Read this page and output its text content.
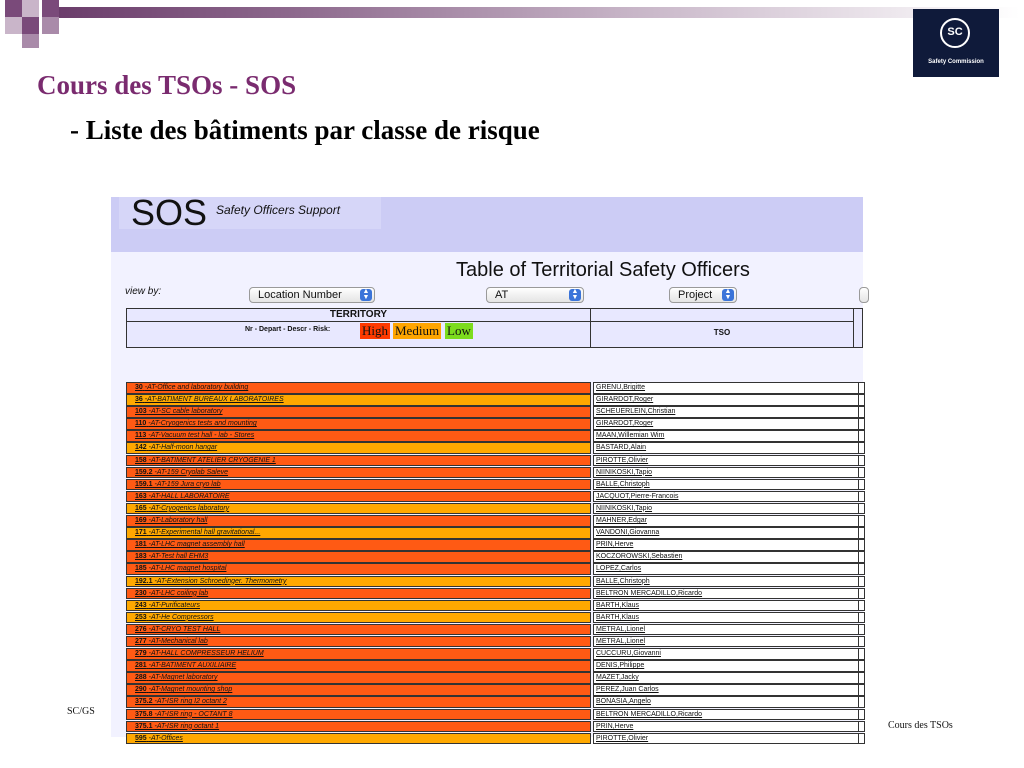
SC
Safety Commission
Cours des TSOs - SOS
- Liste des bâtiments par classe de risque
SOS Safety Officers Support
Table of Territorial Safety Officers
view by:	Location Number	▲
▼	AT	▲
▼	Project	▲
▼
TERRITORY
Nr - Depart - Descr - Risk: High Medium Low	TSO
30 -AT-Office and laboratory building	GRENU,Brigitte
36 -AT-BATIMENT BUREAUX LABORATOIRES	GIRARDOT,Roger
103 -AT-SC cable laboratory	SCHEUERLEIN,Christian
110 -AT-Cryogenics tests and mounting	GIRARDOT,Roger
113 -AT-Vacuum test hall - lab - Stores	MAAN,Willemian Wim
142 -AT-Half-moon hangar	BASTARD,Alain
158 -AT-BATIMENT ATELIER CRYOGENIE 1	PIROTTE,Olivier
159.2 -AT-159 Cryolab Saleve	NIINIKOSKI,Tapio
159.1 -AT-159 Jura cryo lab	BALLE,Christoph
163 -AT-HALL LABORATOIRE	JACQUOT,Pierre-Francois
165 -AT-Cryogenics laboratory	NIINIKOSKI,Tapio
169 -AT-Laboratory hall	MAHNER,Edgar
171 -AT-Experimental hall gravitational...	VANDONI,Giovanna
181 -AT-LHC magnet assembly hall	PRIN,Herve
183 -AT-Test hall EHM3	KOCZOROWSKI,Sebastien
185 -AT-LHC magnet hospital	LOPEZ,Carlos
192.1 -AT-Extension Schroedinger. Thermometry	BALLE,Christoph
230 -AT-LHC coiling lab	BELTRON MERCADILLO,Ricardo
243 -AT-Purificateurs	BARTH,Klaus
253 -AT-He Compressors	BARTH,Klaus
276 -AT-CRYO TEST HALL	METRAL,Lionel
277 -AT-Mechanical lab	METRAL,Lionel
279 -AT-HALL COMPRESSEUR HELIUM	CUCCURU,Giovanni
281 -AT-BATIMENT AUXILIAIRE	DENIS,Philippe
288 -AT-Magnet laboratory	MAZET,Jacky
290 -AT-Magnet mounting shop	PEREZ,Juan Carlos
375.2 -AT-ISR ring I2 octant 2	BONASIA,Angelo
375.8 -AT-ISR ring - OCTANT 8	BELTRON MERCADILLO,Ricardo
375.1 -AT-ISR ring octant 1	PRIN,Herve
595 -AT-Offices	PIROTTE,Olivier
SC/GS
Cours des TSOs
